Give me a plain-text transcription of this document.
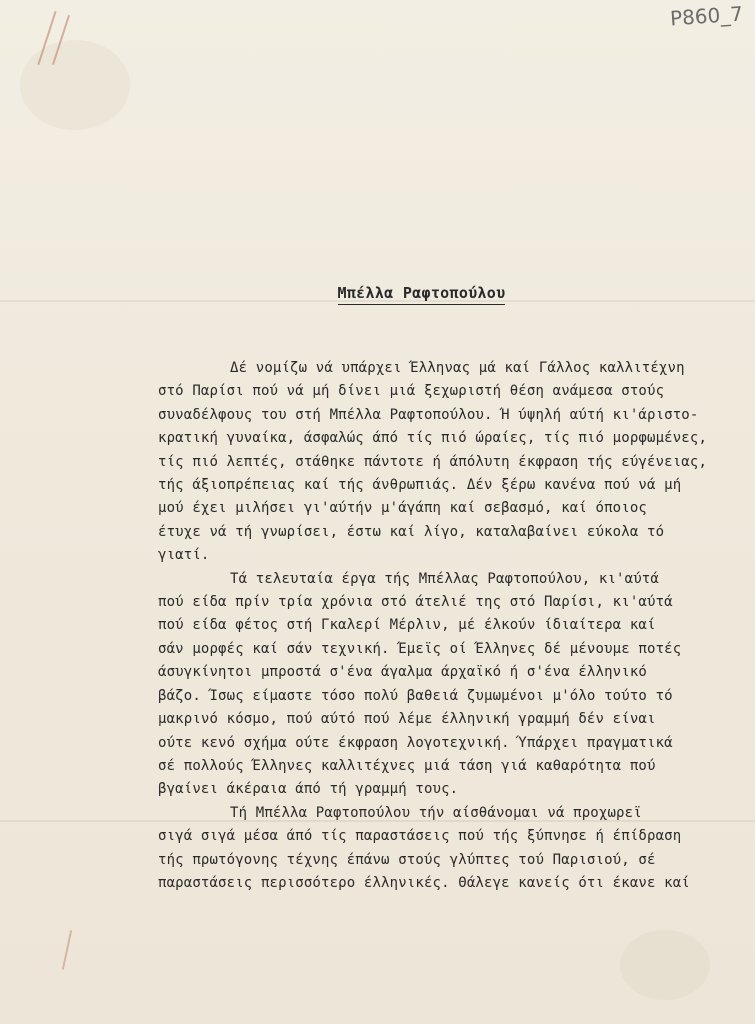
P860_7
Μπέλλα Ραφτοπούλου

Δέ νομίζω νά υπάρχει Έλληνας μά καί Γάλλος καλλιτέχνη
στό Παρίσι πού νά μή δίνει μιά ξεχωριστή θέση ανάμεσα στούς
συναδέλφους του στή Μπέλλα Ραφτοπούλου. Ή ύψηλή αύτή κι'άριστο-
κρατική γυναίκα, άσφαλώς άπό τίς πιό ώραίες, τίς πιό μορφωμένες,
τίς πιό λεπτές, στάθηκε πάντοτε ή άπόλυτη έκφραση τής εύγένειας,
τής άξιοπρέπειας καί τής άνθρωπιάς. Δέν ξέρω κανένα πού νά μή
μού έχει μιλήσει γι'αύτήν μ'άγάπη καί σεβασμό, καί όποιος
έτυχε νά τή γνωρίσει, έστω καί λίγο, καταλαβαίνει εύκολα τό
γιατί.

Τά τελευταία έργα τής Μπέλλας Ραφτοπούλου, κι'αύτά
πού είδα πρίν τρία χρόνια στό άτελιέ της στό Παρίσι, κι'αύτά
πού είδα φέτος στή Γκαλερί Μέρλιν, μέ έλκούν ίδιαίτερα καί
σάν μορφές καί σάν τεχνική. Έμεϊς οί Έλληνες δέ μένουμε ποτές
άσυγκίνητοι μπροστά σ'ένα άγαλμα άρχαϊκό ή σ'ένα έλληνικό
βάζο. Ίσως είμαστε τόσο πολύ βαθειά ζυμωμένοι μ'όλο τούτο τό
μακρινό κόσμο, πού αύτό πού λέμε έλληνική γραμμή δέν είναι
ούτε κενό σχήμα ούτε έκφραση λογοτεχνική. Ύπάρχει πραγματικά
σέ πολλούς Έλληνες καλλιτέχνες μιά τάση γιά καθαρότητα πού
βγαίνει άκέραια άπό τή γραμμή τους.

Τή Μπέλλα Ραφτοπούλου τήν αίσθάνομαι νά προχωρεϊ
σιγά σιγά μέσα άπό τίς παραστάσεις πού τής ξύπνησε ή έπίδραση
τής πρωτόγονης τέχνης έπάνω στούς γλύπτες τού Παρισιού, σέ
παραστάσεις περισσότερο έλληνικές. Θάλεγε κανείς ότι έκανε καί
